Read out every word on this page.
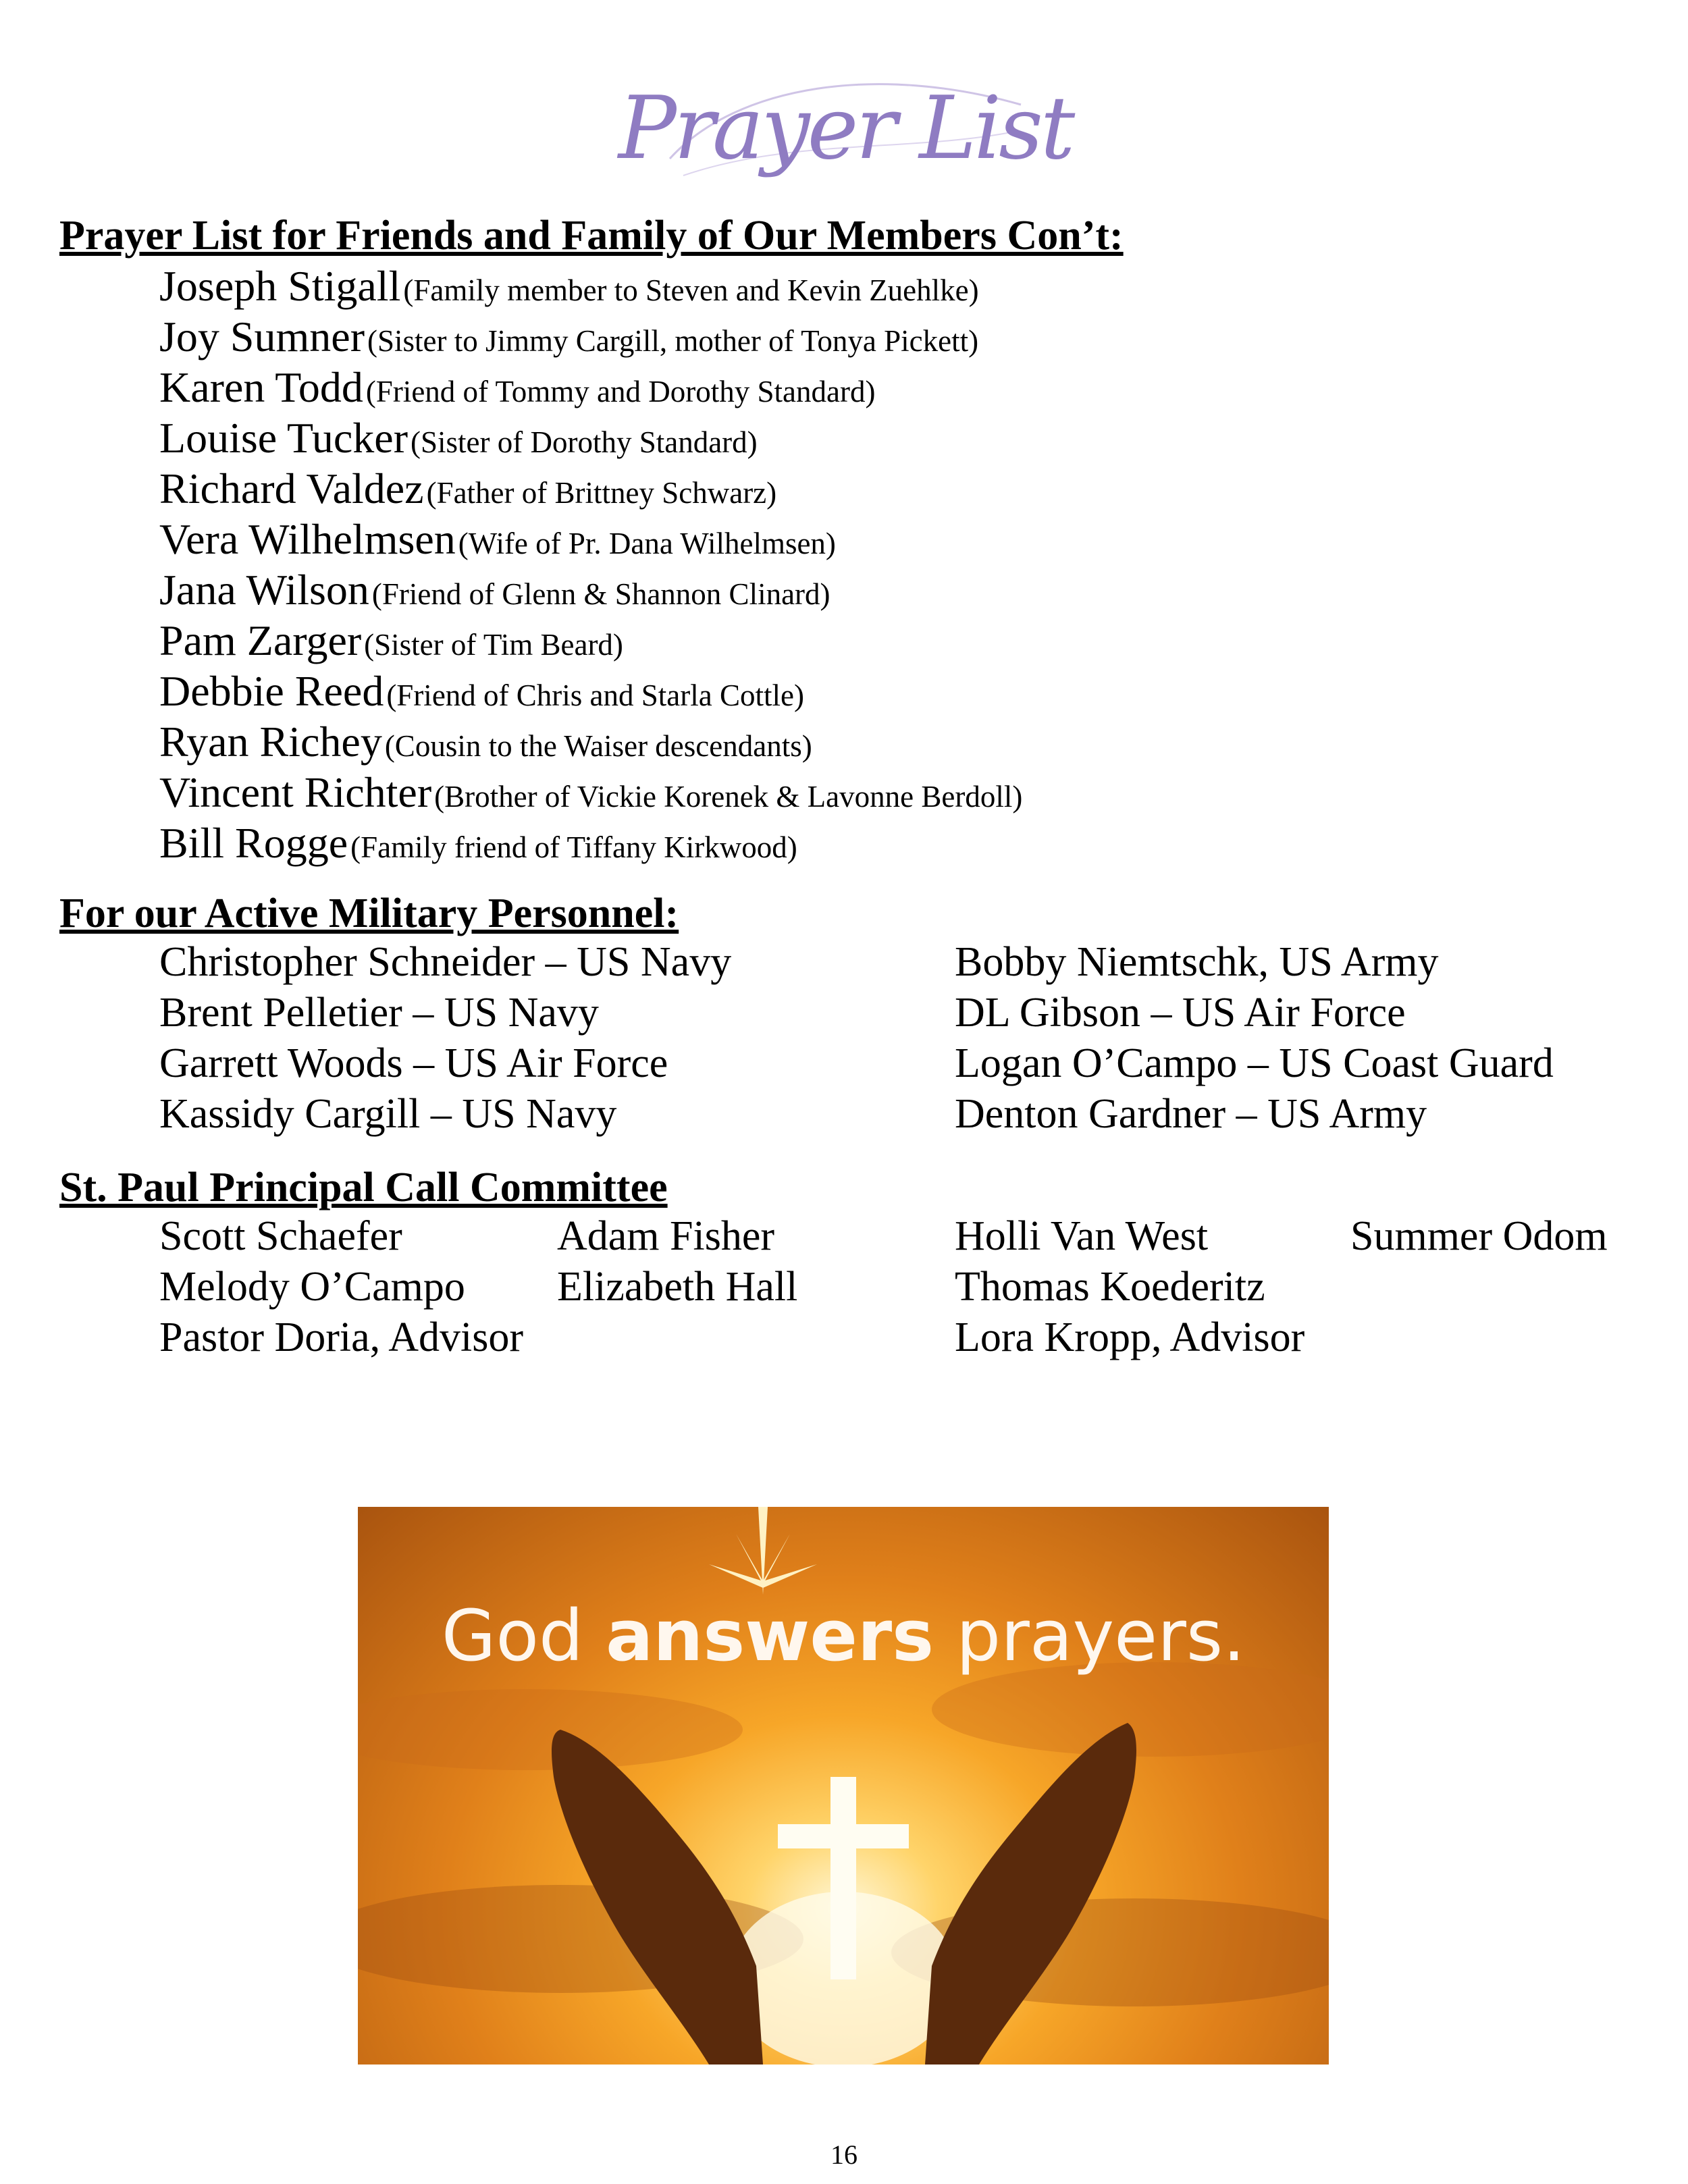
Prayer List
Prayer List for Friends and Family of Our Members Con’t:
Joseph Stigall (Family member to Steven and Kevin Zuehlke)
Joy Sumner (Sister to Jimmy Cargill, mother of Tonya Pickett)
Karen Todd (Friend of Tommy and Dorothy Standard)
Louise Tucker (Sister of Dorothy Standard)
Richard Valdez (Father of Brittney Schwarz)
Vera Wilhelmsen (Wife of Pr. Dana Wilhelmsen)
Jana Wilson (Friend of Glenn & Shannon Clinard)
Pam Zarger (Sister of Tim Beard)
Debbie Reed (Friend of Chris and Starla Cottle)
Ryan Richey (Cousin to the Waiser descendants)
Vincent Richter (Brother of Vickie Korenek & Lavonne Berdoll)
Bill Rogge (Family friend of Tiffany Kirkwood)
For our Active Military Personnel:
Christopher Schneider – US Navy
Brent Pelletier – US Navy
Garrett Woods – US Air Force
Kassidy Cargill – US Navy
Bobby Niemtschk, US Army
DL Gibson – US Air Force
Logan O’Campo – US Coast Guard
Denton Gardner – US Army
St. Paul Principal Call Committee
Scott Schaefer
Melody O’Campo
Pastor Doria, Advisor
Adam Fisher
Elizabeth Hall
Holli Van West
Thomas Koederitz
Lora Kropp, Advisor
Summer Odom
God answers prayers.
16
